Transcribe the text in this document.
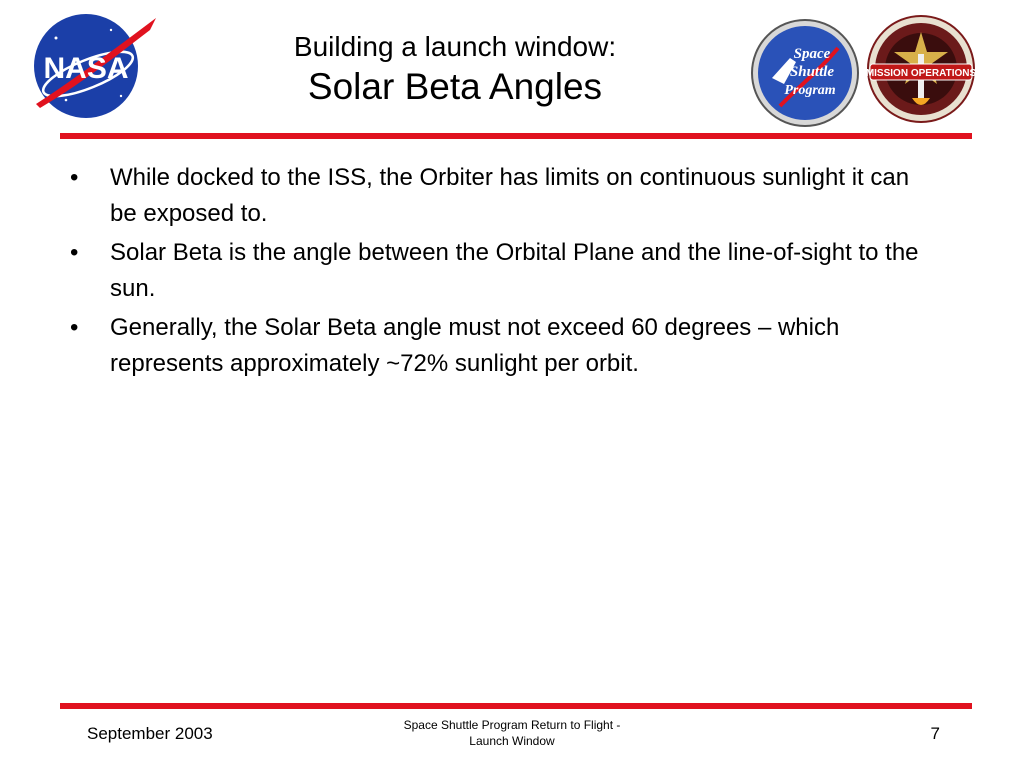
NASA
Building a launch window:
Solar Beta Angles
Space
Shuttle
Program
MISSION OPERATIONS
• While docked to the ISS, the Orbiter has limits on continuous sunlight it can be exposed to.
• Solar Beta is the angle between the Orbital Plane and the line-of-sight to the sun.
• Generally, the Solar Beta angle must not exceed 60 degrees – which represents approximately ~72% sunlight per orbit.
September 2003	Space Shuttle Program Return to Flight -
Launch Window	7
